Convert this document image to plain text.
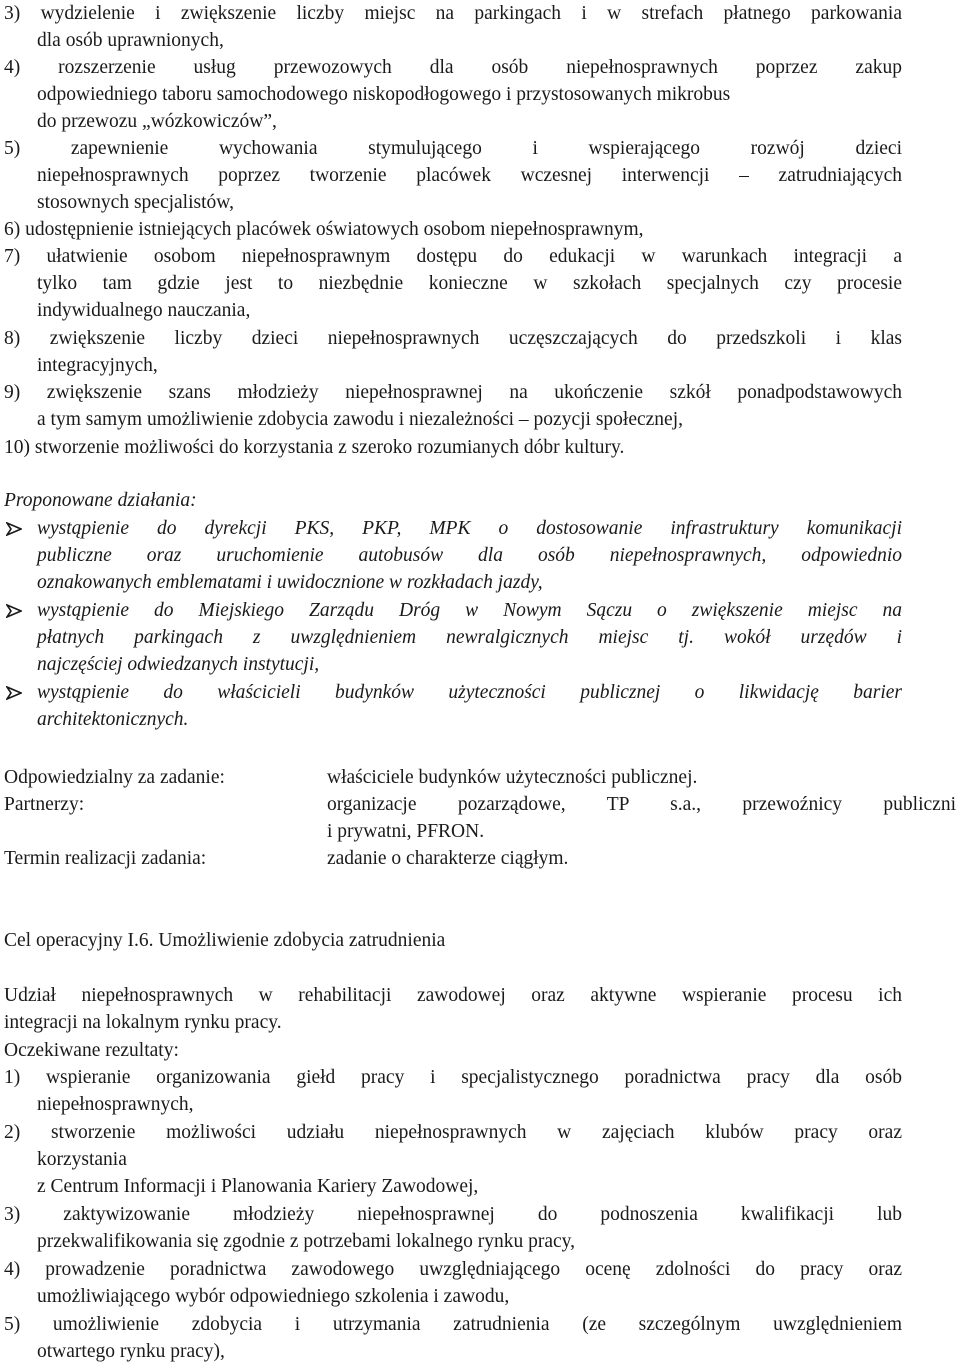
3) wydzielenie i zwiększenie liczby miejsc na parkingach i w strefach płatnego parkowania
dla osób uprawnionych,
4) rozszerzenie usług przewozowych dla osób niepełnosprawnych poprzez zakup
odpowiedniego taboru samochodowego niskopodłogowego i przystosowanych mikrobus
do przewozu „wózkowiczów”,
5) zapewnienie wychowania stymulującego i wspierającego rozwój dzieci
niepełnosprawnych poprzez tworzenie placówek wczesnej interwencji – zatrudniających
stosownych specjalistów,
6) udostępnienie istniejących placówek oświatowych osobom niepełnosprawnym,
7) ułatwienie osobom niepełnosprawnym dostępu do edukacji w warunkach integracji a
tylko tam gdzie jest to niezbędnie konieczne w szkołach specjalnych czy procesie
indywidualnego nauczania,
8) zwiększenie liczby dzieci niepełnosprawnych uczęszczających do przedszkoli i klas
integracyjnych,
9) zwiększenie szans młodzieży niepełnosprawnej na ukończenie szkół ponadpodstawowych
a tym samym umożliwienie zdobycia zawodu i niezależności – pozycji społecznej,
10) stworzenie możliwości do korzystania z szeroko rozumianych dóbr kultury.
Proponowane działania:
wystąpienie do dyrekcji PKS, PKP, MPK o dostosowanie infrastruktury komunikacji
publiczne oraz uruchomienie autobusów dla osób niepełnosprawnych, odpowiednio
oznakowanych emblematami i uwidocznione w rozkładach jazdy,
wystąpienie do Miejskiego Zarządu Dróg w Nowym Sączu o zwiększenie miejsc na
płatnych parkingach z uwzględnieniem newralgicznych miejsc tj. wokół urzędów i
najczęściej odwiedzanych instytucji,
wystąpienie do właścicieli budynków użyteczności publicznej o likwidację barier
architektonicznych.
Odpowiedzialny za zadanie:	właściciele budynków użyteczności publicznej.
Partnerzy:	organizacje pozarządowe, TP s.a., przewoźnicy publiczni
i prywatni, PFRON.
Termin realizacji zadania:	zadanie o charakterze ciągłym.
Cel operacyjny I.6. Umożliwienie zdobycia zatrudnienia
Udział niepełnosprawnych w rehabilitacji zawodowej oraz aktywne wspieranie procesu ich
integracji na lokalnym rynku pracy.
Oczekiwane rezultaty:
1) wspieranie organizowania giełd pracy i specjalistycznego poradnictwa pracy dla osób
niepełnosprawnych,
2) stworzenie możliwości udziału niepełnosprawnych w zajęciach klubów pracy oraz
korzystania
z Centrum Informacji i Planowania Kariery Zawodowej,
3) zaktywizowanie młodzieży niepełnosprawnej do podnoszenia kwalifikacji lub
przekwalifikowania się zgodnie z potrzebami lokalnego rynku pracy,
4) prowadzenie poradnictwa zawodowego uwzględniającego ocenę zdolności do pracy oraz
umożliwiającego wybór odpowiedniego szkolenia i zawodu,
5) umożliwienie zdobycia i utrzymania zatrudnienia (ze szczególnym uwzględnieniem
otwartego rynku pracy),
